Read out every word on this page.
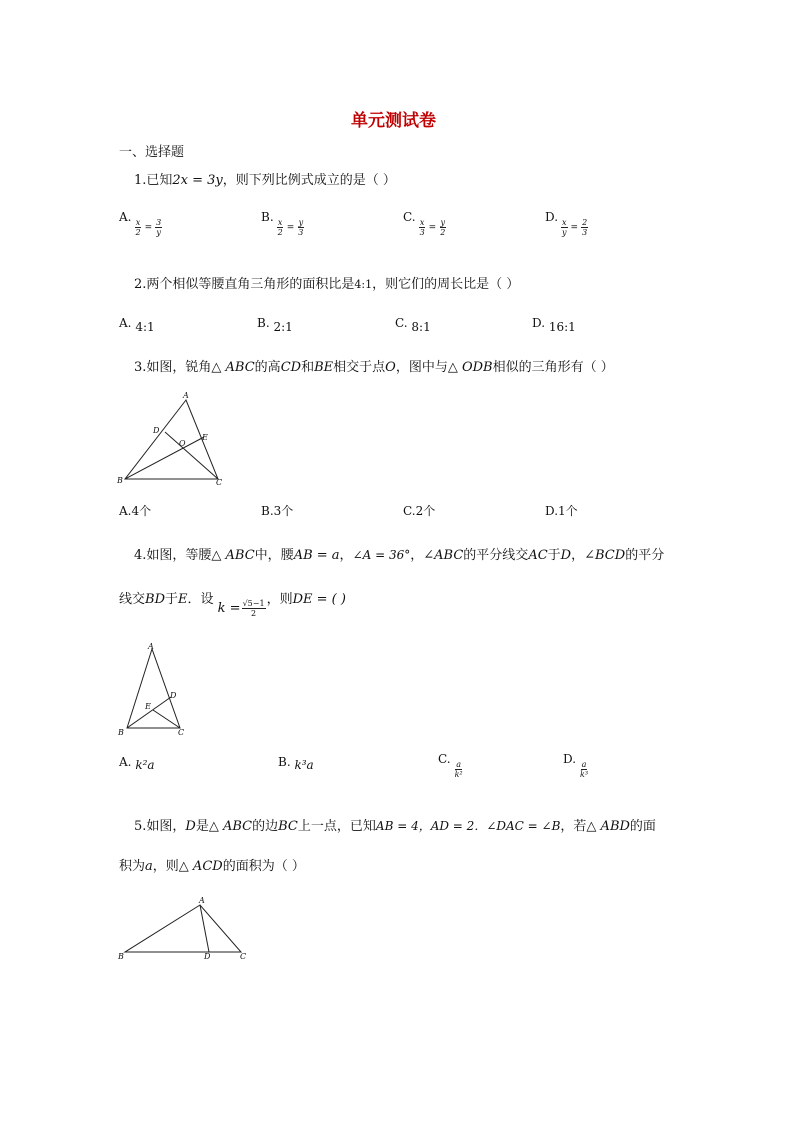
单元测试卷
一、选择题
1.已知2x = 3y，则下列比例式成立的是（ ）
A.
$\frac{x}{2} = \frac{3}{y}$
B.
$\frac{x}{2} = \frac{y}{3}$
C.
$\frac{x}{3} = \frac{y}{2}$
D.
$\frac{x}{y} = \frac{2}{3}$
2.两个相似等腰直角三角形的面积比是4:1，则它们的周长比是（ ）
A. 4:1	B. 2:1	C. 8:1	D. 16:1
3.如图，锐角△ ABC的高CD和BE相交于点O，图中与△ ODB相似的三角形有（ ）
A
B	C
D
E
O
A.4个	B.3个	C.2个	D.1个
4.如图，等腰△ ABC中，腰AB = a，∠A = 36°，∠ABC的平分线交AC于D，∠BCD的平分
线交BD于E．设
$k = \frac{√5-1}{2}$ ，则DE = ( )
A
B	C
D
E
A. k²a	B. k³a	C.
$\frac{a}{\text{k²}}$
D.
$\frac{a}{\text{k³}}$
5.如图，D是△ ABC的边BC上一点，已知AB = 4，AD = 2．∠DAC = ∠B，若△ ABD的面
积为a，则△ ACD的面积为（ ）
A
B	C
D
